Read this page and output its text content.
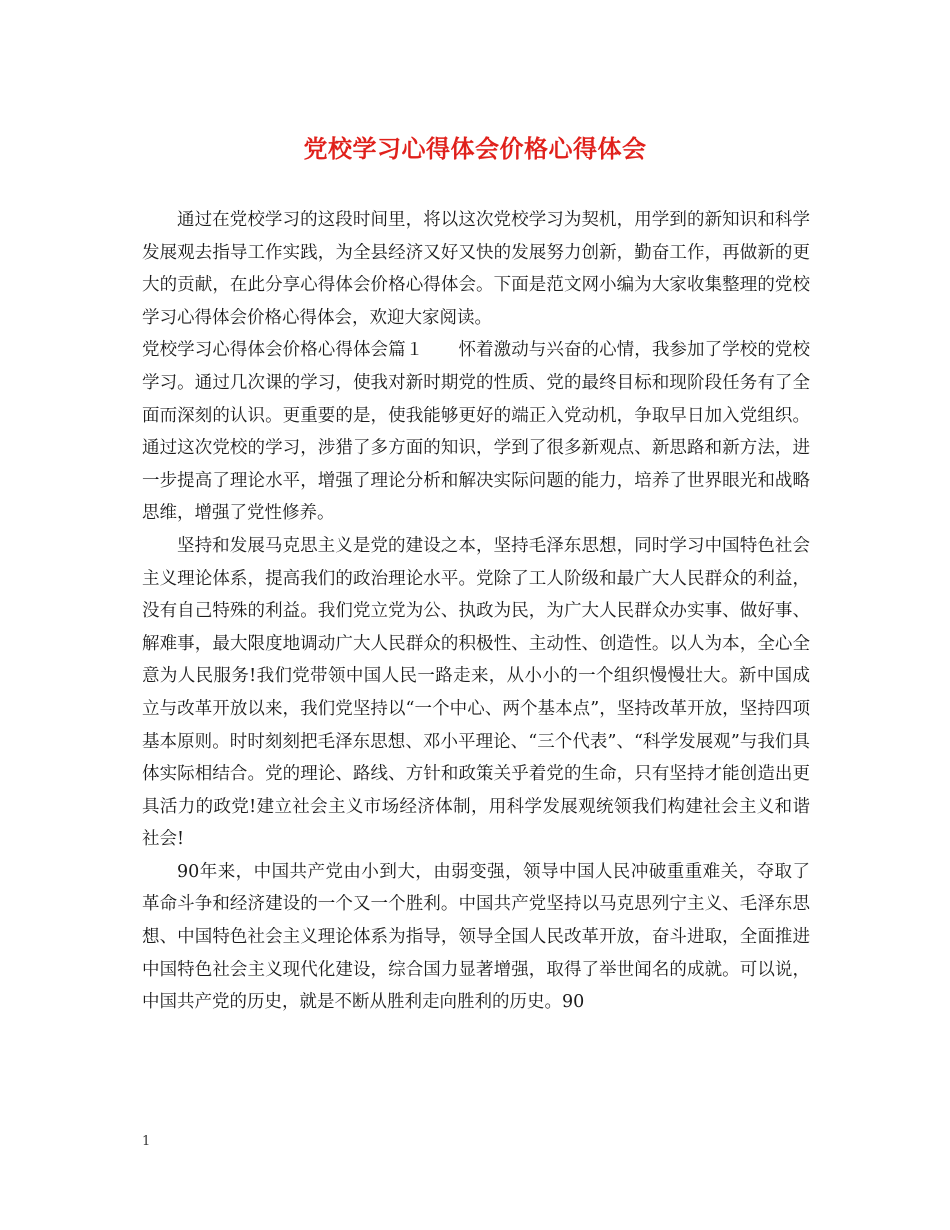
党校学习心得体会价格心得体会

通过在党校学习的这段时间里，将以这次党校学习为契机，用学到的新知识和科学发展观去指导工作实践，为全县经济又好又快的发展努力创新，勤奋工作，再做新的更大的贡献，在此分享心得体会价格心得体会。下面是范文网小编为大家收集整理的党校学习心得体会价格心得体会，欢迎大家阅读。

党校学习心得体会价格心得体会篇１　　怀着激动与兴奋的心情，我参加了学校的党校学习。通过几次课的学习，使我对新时期党的性质、党的最终目标和现阶段任务有了全面而深刻的认识。更重要的是，使我能够更好的端正入党动机，争取早日加入党组织。通过这次党校的学习，涉猎了多方面的知识，学到了很多新观点、新思路和新方法，进一步提高了理论水平，增强了理论分析和解决实际问题的能力，培养了世界眼光和战略思维，增强了党性修养。

坚持和发展马克思主义是党的建设之本，坚持毛泽东思想，同时学习中国特色社会主义理论体系，提高我们的政治理论水平。党除了工人阶级和最广大人民群众的利益，没有自己特殊的利益。我们党立党为公、执政为民，为广大人民群众办实事、做好事、解难事，最大限度地调动广大人民群众的积极性、主动性、创造性。以人为本，全心全意为人民服务!我们党带领中国人民一路走来，从小小的一个组织慢慢壮大。新中国成立与改革开放以来，我们党坚持以“一个中心、两个基本点”，坚持改革开放，坚持四项基本原则。时时刻刻把毛泽东思想、邓小平理论、“三个代表”、“科学发展观”与我们具体实际相结合。党的理论、路线、方针和政策关乎着党的生命，只有坚持才能创造出更具活力的政党!建立社会主义市场经济体制，用科学发展观统领我们构建社会主义和谐社会!

90年来，中国共产党由小到大，由弱变强，领导中国人民冲破重重难关，夺取了革命斗争和经济建设的一个又一个胜利。中国共产党坚持以马克思列宁主义、毛泽东思想、中国特色社会主义理论体系为指导，领导全国人民改革开放，奋斗进取，全面推进中国特色社会主义现代化建设，综合国力显著增强，取得了举世闻名的成就。可以说，中国共产党的历史，就是不断从胜利走向胜利的历史。90

1
